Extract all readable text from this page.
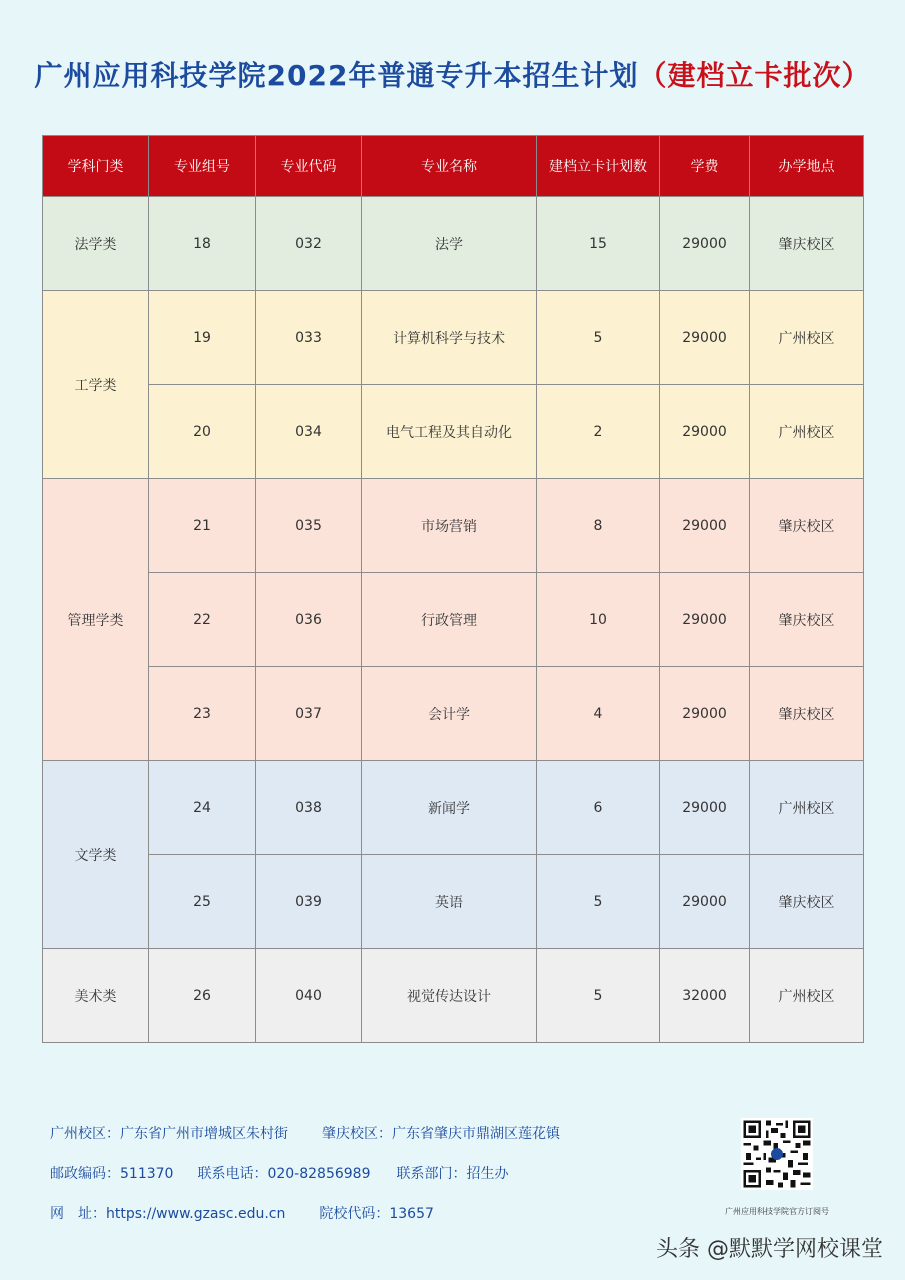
广州应用科技学院2022年普通专升本招生计划（建档立卡批次）
学科门类	专业组号	专业代码	专业名称	建档立卡计划数	学费	办学地点
法学类	18	032	法学	15	29000	肇庆校区
工学类	19	033	计算机科学与技术	5	29000	广州校区
	20	034	电气工程及其自动化	2	29000	广州校区
管理学类	21	035	市场营销	8	29000	肇庆校区
	22	036	行政管理	10	29000	肇庆校区
	23	037	会计学	4	29000	肇庆校区
文学类	24	038	新闻学	6	29000	广州校区
	25	039	英语	5	29000	肇庆校区
美术类	26	040	视觉传达设计	5	32000	广州校区
广州校区：广东省广州市增城区朱村街 肇庆校区：广东省肇庆市鼎湖区莲花镇
邮政编码：511370 联系电话：020-82856989 联系部门：招生办
网　址：https://www.gzasc.edu.cn 院校代码：13657	广州应用科技学院官方订阅号
头条 @默默学网校课堂
